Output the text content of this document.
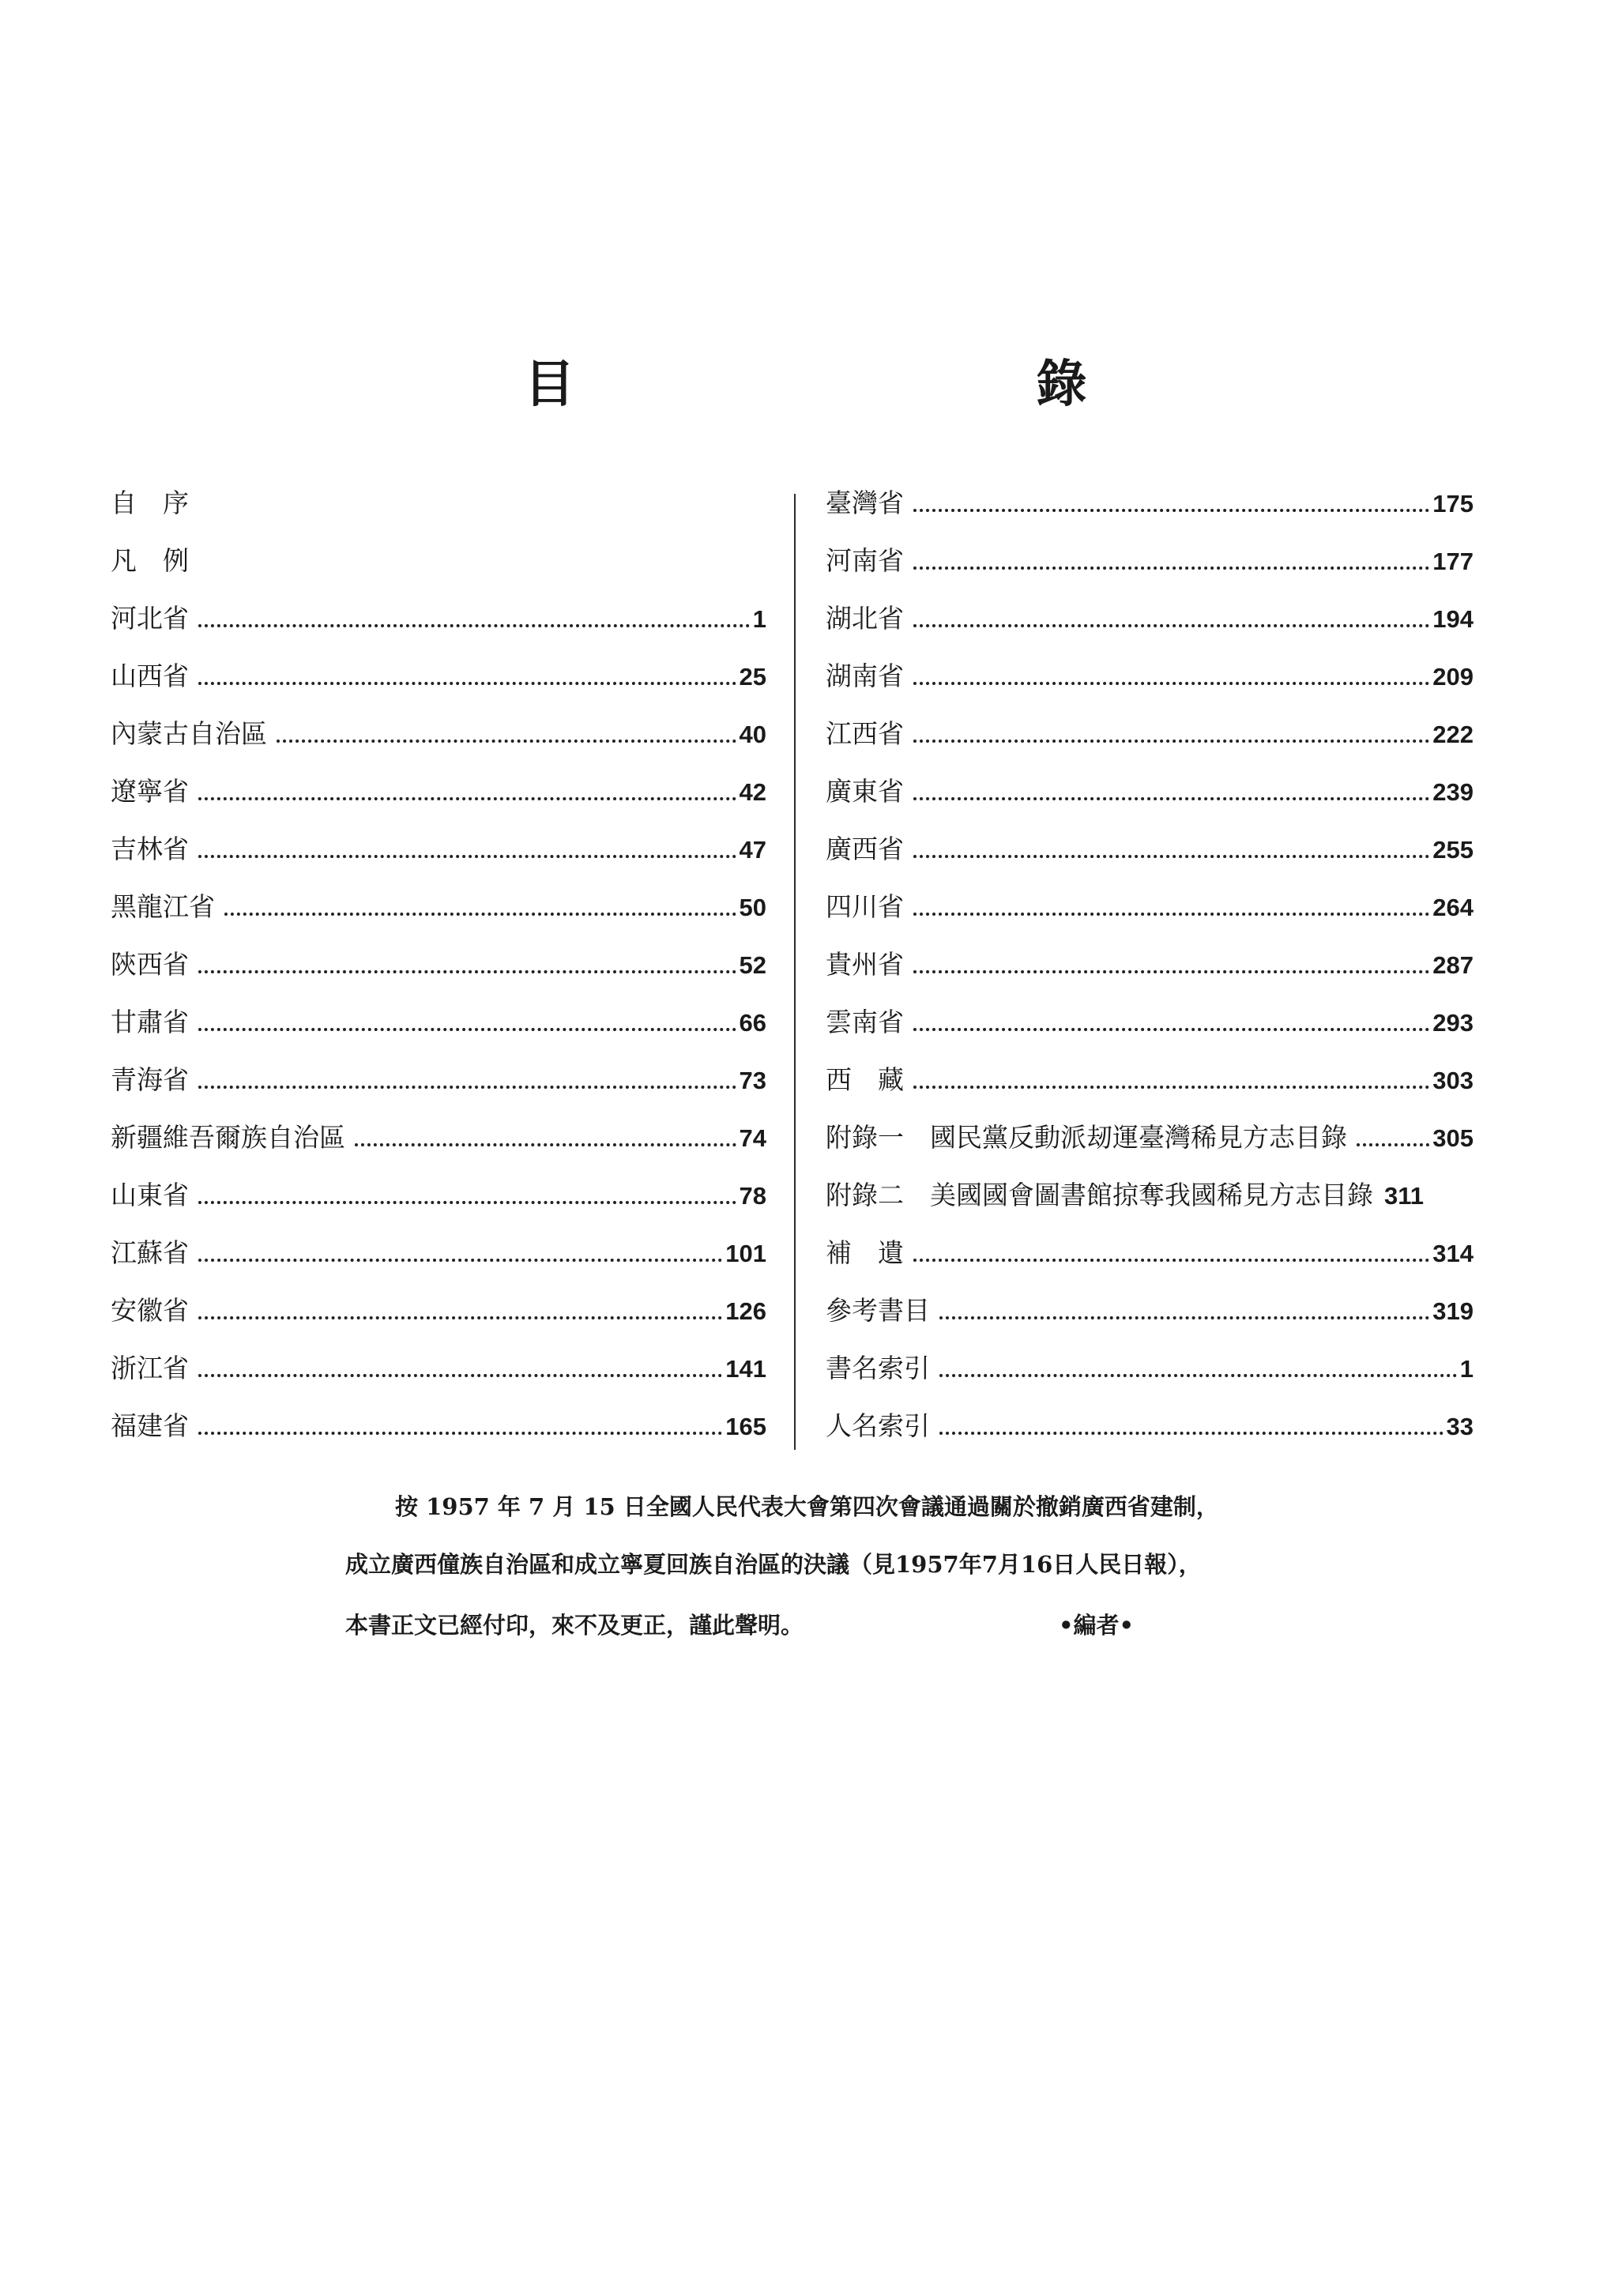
目　錄
自　序
凡　例
河北省	1
山西省	25
內蒙古自治區	40
遼寧省	42
吉林省	47
黑龍江省	50
陝西省	52
甘肅省	66
青海省	73
新疆維吾爾族自治區	74
山東省	78
江蘇省	101
安徽省	126
浙江省	141
福建省	165
臺灣省	175
河南省	177
湖北省	194
湖南省	209
江西省	222
廣東省	239
廣西省	255
四川省	264
貴州省	287
雲南省	293
西　藏	303
附錄一　國民黨反動派刼運臺灣稀見方志目錄	305
附錄二　美國國會圖書館掠奪我國稀見方志目錄 311
補　遺	314
參考書目	319
書名索引	1
人名索引	33
按 1957 年 7 月 15 日全國人民代表大會第四次會議通過關於撤銷廣西省建制，
成立廣西僮族自治區和成立寧夏回族自治區的決議（見1957年7月16日人民日報），
本書正文已經付印，來不及更正，謹此聲明。	•編者•
